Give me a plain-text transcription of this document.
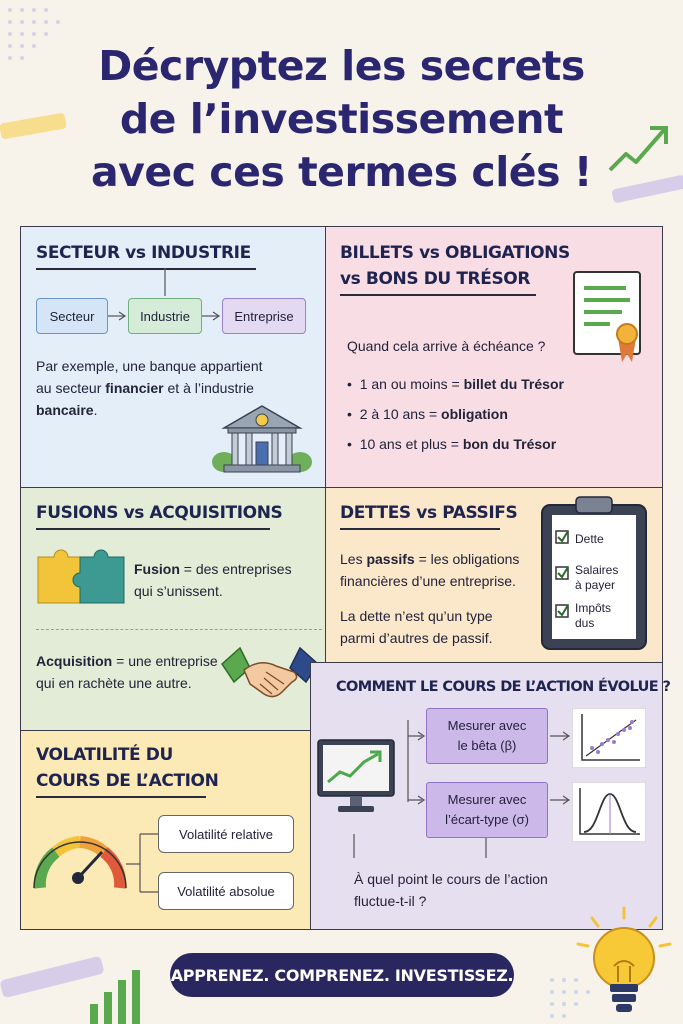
Décryptez les secrets
de l’investissement
avec ces termes clés !
SECTEUR vs INDUSTRIE
Secteur	Industrie	Entreprise
Par exemple, une banque appartient
au secteur financier et à l’industrie
bancaire.
BILLETS vs OBLIGATIONS
vs BONS DU TRÉSOR
Quand cela arrive à échéance ?
•  1 an ou moins = billet du Trésor
•  2 à 10 ans = obligation
•  10 ans et plus = bon du Trésor
FUSIONS vs ACQUISITIONS
Fusion = des entreprises
qui s’unissent.
Acquisition = une entreprise
qui en rachète une autre.
DETTES vs PASSIFS
Les passifs = les obligations
financières d’une entreprise.
La dette n’est qu’un type
parmi d’autres de passif.
Dette
Salaires
à payer
Impôts
dus
COMMENT LE COURS DE L’ACTION ÉVOLUE ?
Mesurer avec
le bêta (β)
Mesurer avec
l’écart-type (σ)
À quel point le cours de l’action
fluctue-t-il ?
VOLATILITÉ DU
COURS DE L’ACTION
Volatilité relative
Volatilité absolue
APPRENEZ. COMPRENEZ. INVESTISSEZ.
